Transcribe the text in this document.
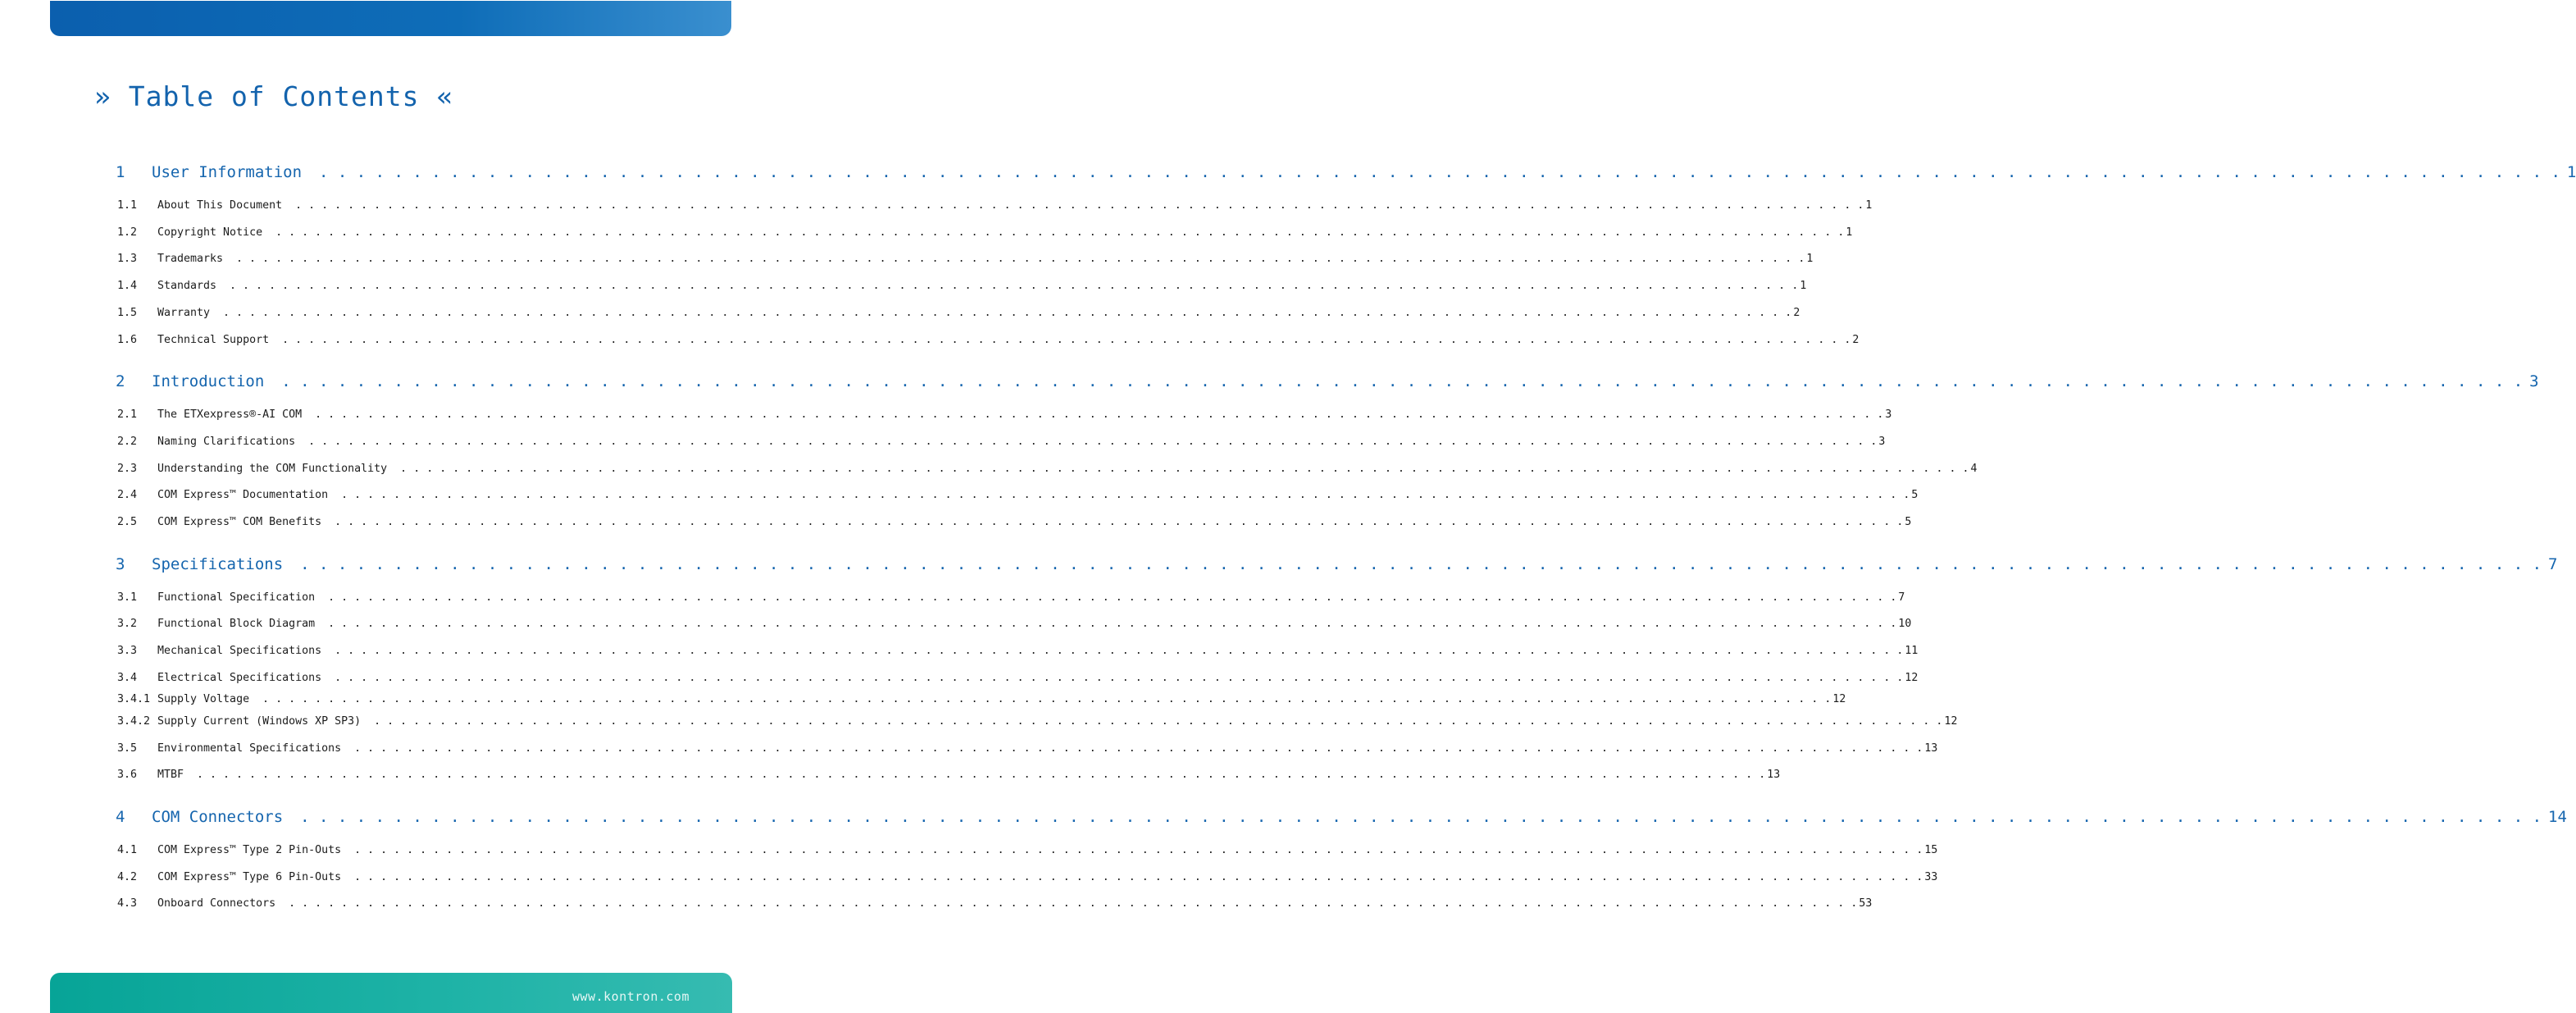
» Table of Contents «
1	User Information . . . . . . . . . . . . . . . . . . . . . . . . . . . . . . . . . . . . . . . . . . . . . . . . . . . . . . . . . . . . . . . . . . . . . . . . . . . . . . . . . . . . . . . . . . . . . . . . . . . . . . . . . . . . . . . . . . . . . . . . 1
1.1	About This Document . . . . . . . . . . . . . . . . . . . . . . . . . . . . . . . . . . . . . . . . . . . . . . . . . . . . . . . . . . . . . . . . . . . . . . . . . . . . . . . . . . . . . . . . . . . . . . . . . . . . . . . . . . . . . . . . . . . . . . . . 1
1.2	Copyright Notice . . . . . . . . . . . . . . . . . . . . . . . . . . . . . . . . . . . . . . . . . . . . . . . . . . . . . . . . . . . . . . . . . . . . . . . . . . . . . . . . . . . . . . . . . . . . . . . . . . . . . . . . . . . . . . . . . . . . . . . . 1
1.3	Trademarks . . . . . . . . . . . . . . . . . . . . . . . . . . . . . . . . . . . . . . . . . . . . . . . . . . . . . . . . . . . . . . . . . . . . . . . . . . . . . . . . . . . . . . . . . . . . . . . . . . . . . . . . . . . . . . . . . . . . . . . . 1
1.4	Standards . . . . . . . . . . . . . . . . . . . . . . . . . . . . . . . . . . . . . . . . . . . . . . . . . . . . . . . . . . . . . . . . . . . . . . . . . . . . . . . . . . . . . . . . . . . . . . . . . . . . . . . . . . . . . . . . . . . . . . . . 1
1.5	Warranty . . . . . . . . . . . . . . . . . . . . . . . . . . . . . . . . . . . . . . . . . . . . . . . . . . . . . . . . . . . . . . . . . . . . . . . . . . . . . . . . . . . . . . . . . . . . . . . . . . . . . . . . . . . . . . . . . . . . . . . . 2
1.6	Technical Support . . . . . . . . . . . . . . . . . . . . . . . . . . . . . . . . . . . . . . . . . . . . . . . . . . . . . . . . . . . . . . . . . . . . . . . . . . . . . . . . . . . . . . . . . . . . . . . . . . . . . . . . . . . . . . . . . . . . . . . . 2
2	Introduction . . . . . . . . . . . . . . . . . . . . . . . . . . . . . . . . . . . . . . . . . . . . . . . . . . . . . . . . . . . . . . . . . . . . . . . . . . . . . . . . . . . . . . . . . . . . . . . . . . . . . . . . . . . . . . . . . . . . . . . . 3
2.1	The ETXexpress®-AI COM . . . . . . . . . . . . . . . . . . . . . . . . . . . . . . . . . . . . . . . . . . . . . . . . . . . . . . . . . . . . . . . . . . . . . . . . . . . . . . . . . . . . . . . . . . . . . . . . . . . . . . . . . . . . . . . . . . . . . . . . 3
2.2	Naming Clarifications . . . . . . . . . . . . . . . . . . . . . . . . . . . . . . . . . . . . . . . . . . . . . . . . . . . . . . . . . . . . . . . . . . . . . . . . . . . . . . . . . . . . . . . . . . . . . . . . . . . . . . . . . . . . . . . . . . . . . . . . 3
2.3	Understanding the COM Functionality . . . . . . . . . . . . . . . . . . . . . . . . . . . . . . . . . . . . . . . . . . . . . . . . . . . . . . . . . . . . . . . . . . . . . . . . . . . . . . . . . . . . . . . . . . . . . . . . . . . . . . . . . . . . . . . . . . . . . . . . 4
2.4	COM Express™ Documentation . . . . . . . . . . . . . . . . . . . . . . . . . . . . . . . . . . . . . . . . . . . . . . . . . . . . . . . . . . . . . . . . . . . . . . . . . . . . . . . . . . . . . . . . . . . . . . . . . . . . . . . . . . . . . . . . . . . . . . . . 5
2.5	COM Express™ COM Benefits . . . . . . . . . . . . . . . . . . . . . . . . . . . . . . . . . . . . . . . . . . . . . . . . . . . . . . . . . . . . . . . . . . . . . . . . . . . . . . . . . . . . . . . . . . . . . . . . . . . . . . . . . . . . . . . . . . . . . . . . 5
3	Specifications . . . . . . . . . . . . . . . . . . . . . . . . . . . . . . . . . . . . . . . . . . . . . . . . . . . . . . . . . . . . . . . . . . . . . . . . . . . . . . . . . . . . . . . . . . . . . . . . . . . . . . . . . . . . . . . . . . . . . . . . 7
3.1	Functional Specification . . . . . . . . . . . . . . . . . . . . . . . . . . . . . . . . . . . . . . . . . . . . . . . . . . . . . . . . . . . . . . . . . . . . . . . . . . . . . . . . . . . . . . . . . . . . . . . . . . . . . . . . . . . . . . . . . . . . . . . . 7
3.2	Functional Block Diagram . . . . . . . . . . . . . . . . . . . . . . . . . . . . . . . . . . . . . . . . . . . . . . . . . . . . . . . . . . . . . . . . . . . . . . . . . . . . . . . . . . . . . . . . . . . . . . . . . . . . . . . . . . . . . . . . . . . . . . . . 10
3.3	Mechanical Specifications . . . . . . . . . . . . . . . . . . . . . . . . . . . . . . . . . . . . . . . . . . . . . . . . . . . . . . . . . . . . . . . . . . . . . . . . . . . . . . . . . . . . . . . . . . . . . . . . . . . . . . . . . . . . . . . . . . . . . . . . 11
3.4	Electrical Specifications . . . . . . . . . . . . . . . . . . . . . . . . . . . . . . . . . . . . . . . . . . . . . . . . . . . . . . . . . . . . . . . . . . . . . . . . . . . . . . . . . . . . . . . . . . . . . . . . . . . . . . . . . . . . . . . . . . . . . . . . 12
3.4.1 Supply Voltage . . . . . . . . . . . . . . . . . . . . . . . . . . . . . . . . . . . . . . . . . . . . . . . . . . . . . . . . . . . . . . . . . . . . . . . . . . . . . . . . . . . . . . . . . . . . . . . . . . . . . . . . . . . . . . . . . . . . . . . . 12
3.4.2 Supply Current (Windows XP SP3) . . . . . . . . . . . . . . . . . . . . . . . . . . . . . . . . . . . . . . . . . . . . . . . . . . . . . . . . . . . . . . . . . . . . . . . . . . . . . . . . . . . . . . . . . . . . . . . . . . . . . . . . . . . . . . . . . . . . . . . . 12
3.5	Environmental Specifications . . . . . . . . . . . . . . . . . . . . . . . . . . . . . . . . . . . . . . . . . . . . . . . . . . . . . . . . . . . . . . . . . . . . . . . . . . . . . . . . . . . . . . . . . . . . . . . . . . . . . . . . . . . . . . . . . . . . . . . . 13
3.6	MTBF . . . . . . . . . . . . . . . . . . . . . . . . . . . . . . . . . . . . . . . . . . . . . . . . . . . . . . . . . . . . . . . . . . . . . . . . . . . . . . . . . . . . . . . . . . . . . . . . . . . . . . . . . . . . . . . . . . . . . . . . 13
4	COM Connectors . . . . . . . . . . . . . . . . . . . . . . . . . . . . . . . . . . . . . . . . . . . . . . . . . . . . . . . . . . . . . . . . . . . . . . . . . . . . . . . . . . . . . . . . . . . . . . . . . . . . . . . . . . . . . . . . . . . . . . . . 14
4.1	COM Express™ Type 2 Pin-Outs . . . . . . . . . . . . . . . . . . . . . . . . . . . . . . . . . . . . . . . . . . . . . . . . . . . . . . . . . . . . . . . . . . . . . . . . . . . . . . . . . . . . . . . . . . . . . . . . . . . . . . . . . . . . . . . . . . . . . . . . 15
4.2	COM Express™ Type 6 Pin-Outs . . . . . . . . . . . . . . . . . . . . . . . . . . . . . . . . . . . . . . . . . . . . . . . . . . . . . . . . . . . . . . . . . . . . . . . . . . . . . . . . . . . . . . . . . . . . . . . . . . . . . . . . . . . . . . . . . . . . . . . . 33
4.3	Onboard Connectors . . . . . . . . . . . . . . . . . . . . . . . . . . . . . . . . . . . . . . . . . . . . . . . . . . . . . . . . . . . . . . . . . . . . . . . . . . . . . . . . . . . . . . . . . . . . . . . . . . . . . . . . . . . . . . . . . . . . . . . . 53
www.kontron.com
